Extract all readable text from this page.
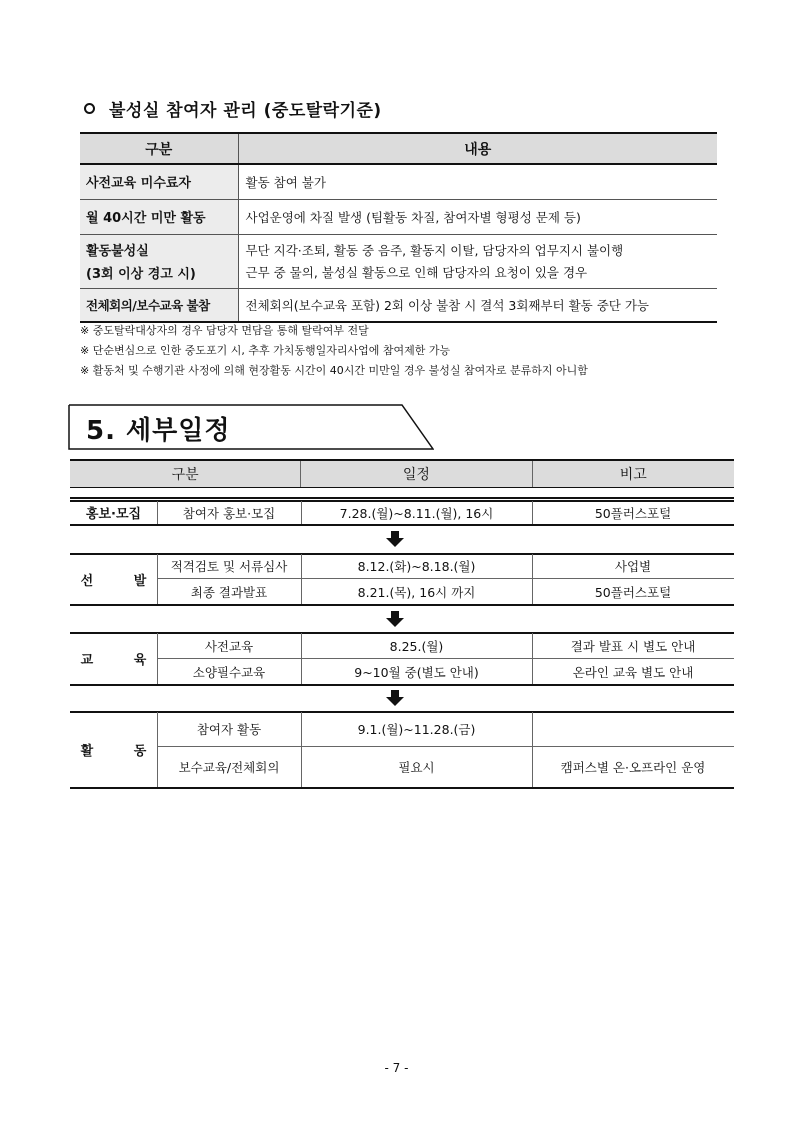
불성실 참여자 관리 (중도탈락기준)
구분	내용
사전교육 미수료자	활동 참여 불가
월 40시간 미만 활동	사업운영에 차질 발생 (팀활동 차질, 참여자별 형평성 문제 등)

활동불성실
(3회 이상 경고 시)	무단 지각·조퇴, 활동 중 음주, 활동지 이탈, 담당자의 업무지시 불이행
근무 중 물의, 불성실 활동으로 인해 담당자의 요청이 있을 경우

전체회의/보수교육 불참	전체회의(보수교육 포함) 2회 이상 불참 시 결석 3회째부터 활동 중단 가능
※ 중도탈락대상자의 경우 담당자 면담을 통해 탈락여부 전달
※ 단순변심으로 인한 중도포기 시, 추후 가치동행일자리사업에 참여제한 가능
※ 활동처 및 수행기관 사정에 의해 현장활동 시간이 40시간 미만일 경우 불성실 참여자로 분류하지 아니함
5. 세부일정
구분	일정	비고
홍보·모집	참여자 홍보·모집	7.28.(월)~8.11.(월), 16시	50플러스포털
선 발
적격검토 및 서류심사	8.12.(화)~8.18.(월)	사업별
최종 결과발표	8.21.(목), 16시 까지	50플러스포털
교 육
사전교육	8.25.(월)	결과 발표 시 별도 안내
소양필수교육	9~10월 중(별도 안내)	온라인 교육 별도 안내
활 동
참여자 활동	9.1.(월)~11.28.(금)
보수교육/전체회의	필요시	캠퍼스별 온·오프라인 운영
- 7 -
